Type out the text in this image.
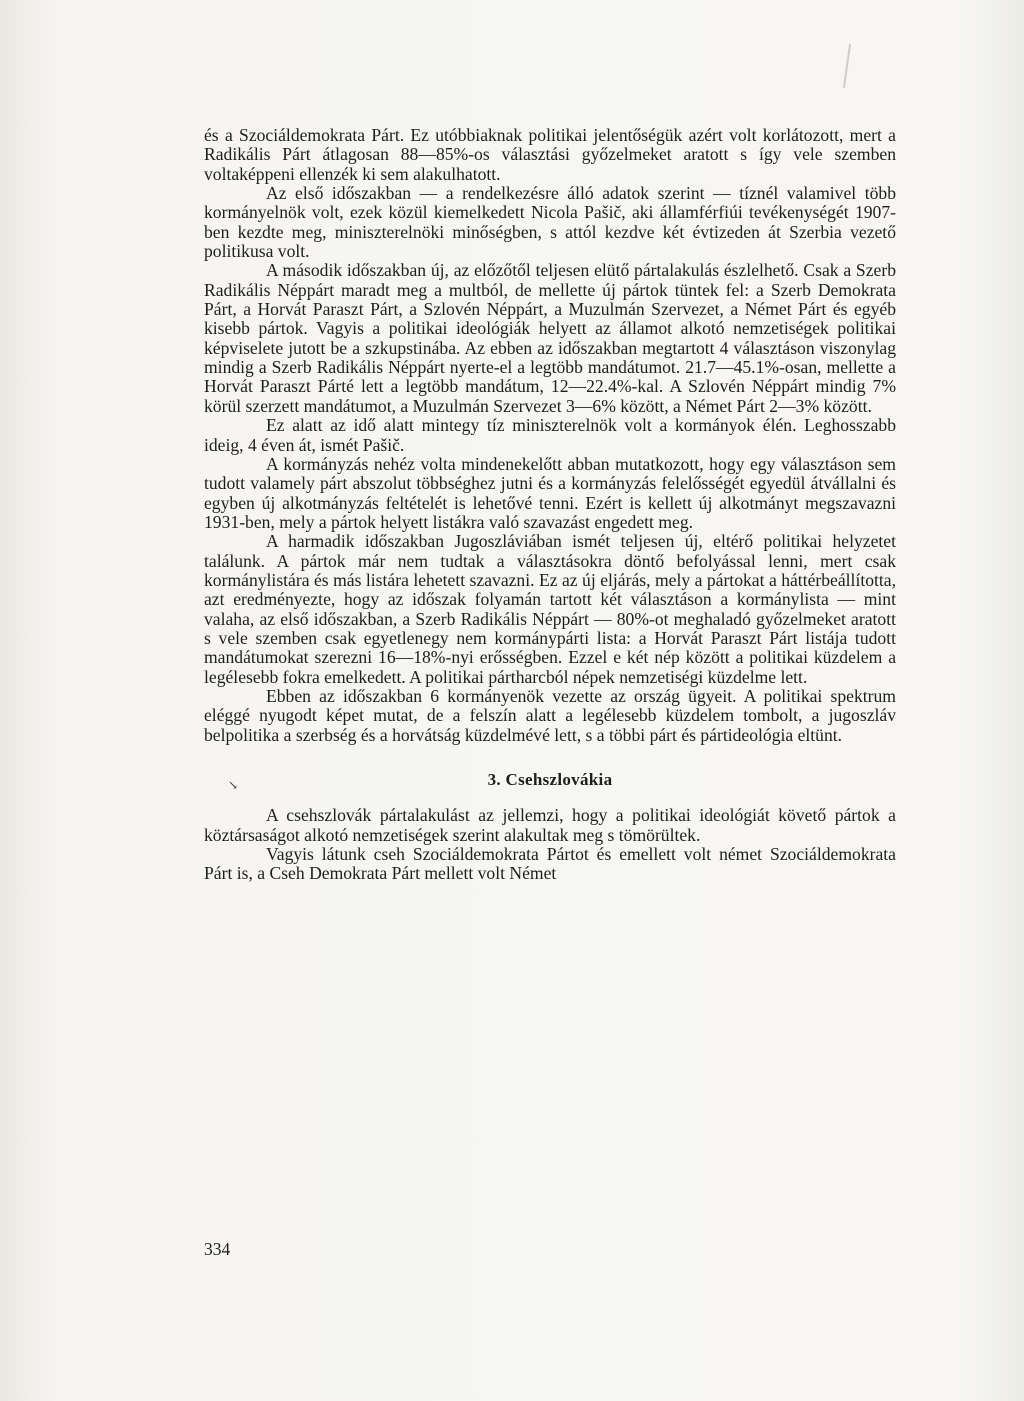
és a Szociáldemokrata Párt. Ez utóbbiaknak politikai jelentőségük azért volt korlátozott, mert a Radikális Párt átlagosan 88—85%-os választási győzelmeket aratott s így vele szemben voltaképpeni ellenzék ki sem alakulhatott.

Az első időszakban — a rendelkezésre álló adatok szerint — tíznél valamivel több kormányelnök volt, ezek közül kiemelkedett Nicola Pašič, aki államférfiúi tevékenységét 1907-ben kezdte meg, miniszterelnöki minőségben, s attól kezdve két évtizeden át Szerbia vezető politikusa volt.

A második időszakban új, az előzőtől teljesen elütő pártalakulás észlelhető. Csak a Szerb Radikális Néppárt maradt meg a multból, de mellette új pártok tüntek fel: a Szerb Demokrata Párt, a Horvát Paraszt Párt, a Szlovén Néppárt, a Muzulmán Szervezet, a Német Párt és egyéb kisebb pártok. Vagyis a politikai ideológiák helyett az államot alkotó nemzetiségek politikai képviselete jutott be a szkupstinába. Az ebben az időszakban megtartott 4 választáson viszonylag mindig a Szerb Radikális Néppárt nyerte-el a legtöbb mandátumot. 21.7—45.1%-osan, mellette a Horvát Paraszt Párté lett a legtöbb mandátum, 12—22.4%-kal. A Szlovén Néppárt mindig 7% körül szerzett mandátumot, a Muzulmán Szervezet 3—6% között, a Német Párt 2—3% között.

Ez alatt az idő alatt mintegy tíz miniszterelnök volt a kormányok élén. Leghosszabb ideig, 4 éven át, ismét Pašič.

A kormányzás nehéz volta mindenekelőtt abban mutatkozott, hogy egy választáson sem tudott valamely párt abszolut többséghez jutni és a kormányzás felelősségét egyedül átvállalni és egyben új alkotmányzás feltételét is lehetővé tenni. Ezért is kellett új alkotmányt megszavazni 1931-ben, mely a pártok helyett listákra való szavazást engedett meg.

A harmadik időszakban Jugoszláviában ismét teljesen új, eltérő politikai helyzetet találunk. A pártok már nem tudtak a választásokra döntő befolyással lenni, mert csak kormánylistára és más listára lehetett szavazni. Ez az új eljárás, mely a pártokat a háttérbeállította, azt eredményezte, hogy az időszak folyamán tartott két választáson a kormánylista — mint valaha, az első időszakban, a Szerb Radikális Néppárt — 80%-ot meghaladó győzelmeket aratott s vele szemben csak egyetlenegy nem kormánypárti lista: a Horvát Paraszt Párt listája tudott mandátumokat szerezni 16—18%-nyi erősségben. Ezzel e két nép között a politikai küzdelem a legélesebb fokra emelkedett. A politikai pártharcból népek nemzetiségi küzdelme lett.

Ebben az időszakban 6 kormányenök vezette az ország ügyeit. A politikai spektrum eléggé nyugodt képet mutat, de a felszín alatt a legélesebb küzdelem tombolt, a jugoszláv belpolitika a szerbség és a horvátság küzdelmévé lett, s a többi párt és pártideológia eltünt.

3. Csehszlovákia

A csehszlovák pártalakulást az jellemzi, hogy a politikai ideológiát követő pártok a köztársaságot alkotó nemzetiségek szerint alakultak meg s tömörültek.

Vagyis látunk cseh Szociáldemokrata Pártot és emellett volt német Szociáldemokrata Párt is, a Cseh Demokrata Párt mellett volt Német

↘
334
